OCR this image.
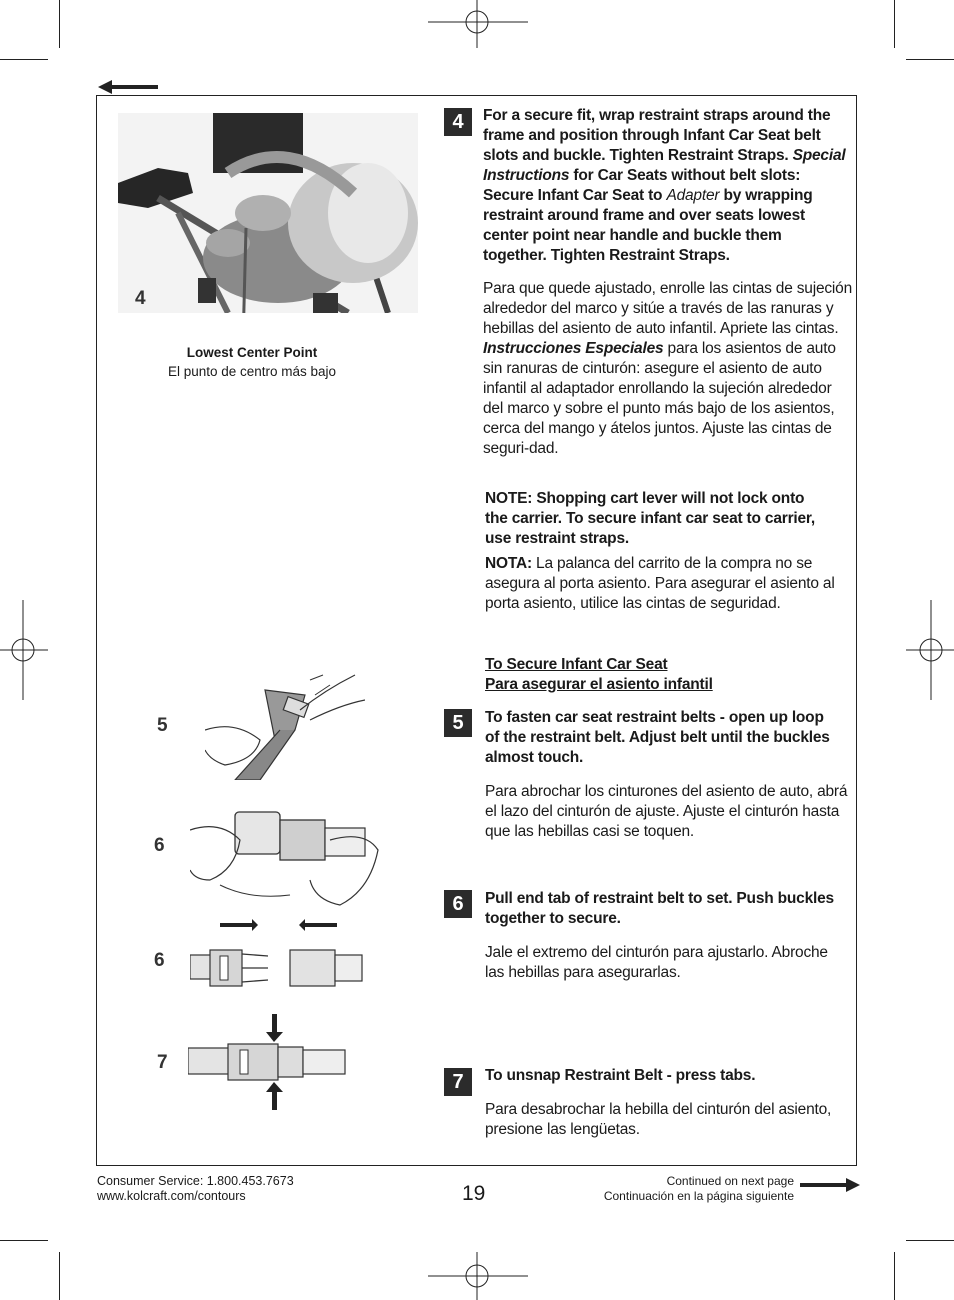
4
Lowest Center Point
El punto de centro más bajo
4	For a secure fit, wrap restraint straps around the frame and position through Infant Car Seat belt slots and buckle. Tighten Restraint Straps. Special Instructions for Car Seats without belt slots: Secure Infant Car Seat to Adapter by wrapping restraint around frame and over seats lowest center point near handle and buckle them together. Tighten Restraint Straps.
Para que quede ajustado, enrolle las cintas de sujeción alrededor del marco y sitúe a través de las ranuras y hebillas del asiento de auto infantil. Apriete las cintas. Instrucciones Especiales para los asientos de auto sin ranuras de cinturón: asegure el asiento de auto infantil al adaptador enrollando la sujeción alrededor del marco y sobre el punto más bajo de los asientos, cerca del mango y átelos juntos. Ajuste las cintas de seguri-dad.
NOTE: Shopping cart lever will not lock onto the carrier. To secure infant car seat to carrier, use restraint straps.
NOTA: La palanca del carrito de la compra no se asegura al porta asiento. Para asegurar el asiento al porta asiento, utilice las cintas de seguridad.
To Secure Infant Car Seat
Para asegurar el asiento infantil
5	To fasten car seat restraint belts - open up loop of the restraint belt. Adjust belt until the buckles almost touch.
Para abrochar los cinturones del asiento de auto, abrá el lazo del cinturón de ajuste. Ajuste el cinturón hasta que las hebillas casi se toquen.
6	Pull end tab of restraint belt to set. Push buckles together to secure.
Jale el extremo del cinturón para ajustarlo. Abroche las hebillas para asegurarlas.
7	To unsnap Restraint Belt - press tabs.
Para desabrochar la hebilla del cinturón del asiento, presione las lengüetas.
5
6
6
7
Consumer Service: 1.800.453.7673
www.kolcraft.com/contours	19
Continued on next page
Continuación en la página siguiente
